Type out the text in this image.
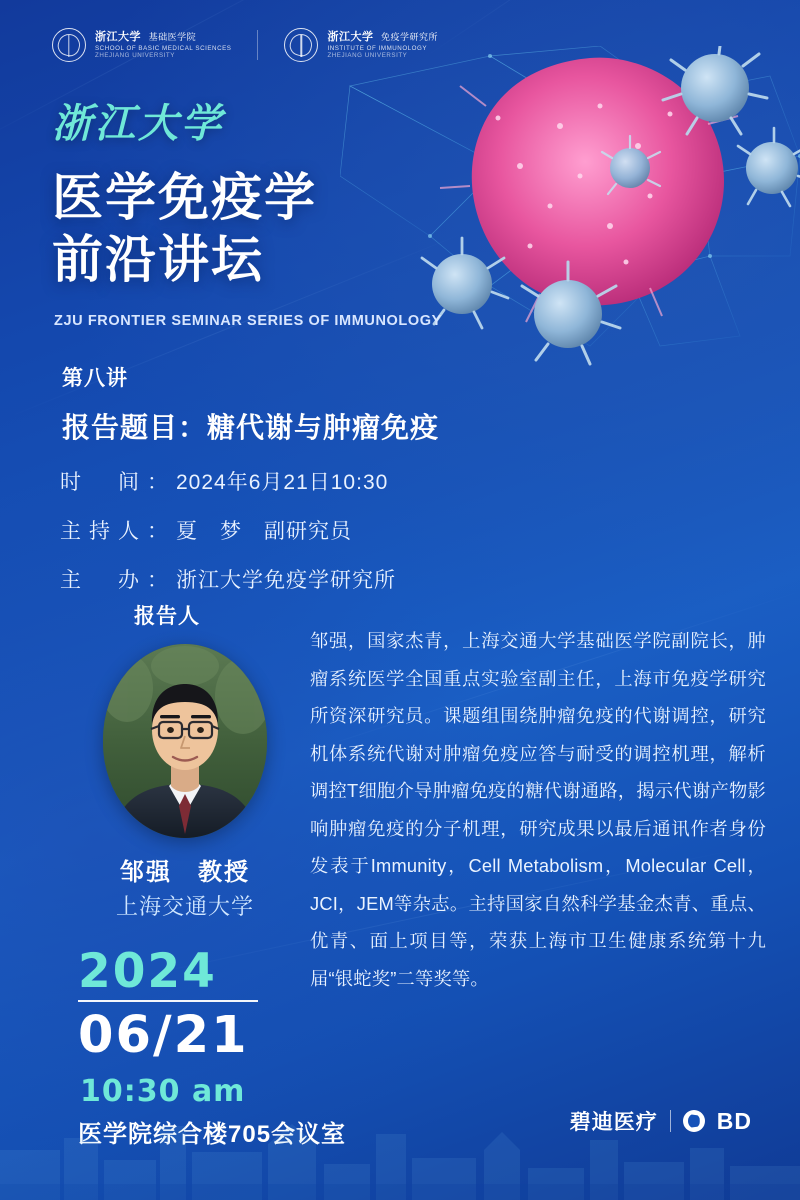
浙江大学 基础医学院
SCHOOL OF BASIC MEDICAL SCIENCES
ZHEJIANG UNIVERSITY
浙江大学 免疫学研究所
INSTITUTE OF IMMUNOLOGY
ZHEJIANG UNIVERSITY
浙江大学
医学免疫学
前沿讲坛
ZJU FRONTIER SEMINAR SERIES OF IMMUNOLOGY
第八讲
报告题目：糖代谢与肿瘤免疫
时　间：2024年6月21日10:30
主持人：夏　梦　副研究员
主　办：浙江大学免疫学研究所
报告人
邹强　教授
上海交通大学
邹强，国家杰青，上海交通大学基础医学院副院长，肿瘤系统医学全国重点实验室副主任，上海市免疫学研究所资深研究员。课题组围绕肿瘤免疫的代谢调控，研究机体系统代谢对肿瘤免疫应答与耐受的调控机理，解析调控T细胞介导肿瘤免疫的糖代谢通路，揭示代谢产物影响肿瘤免疫的分子机理，研究成果以最后通讯作者身份发表于Immunity，Cell Metabolism，Molecular Cell，JCI，JEM等杂志。主持国家自然科学基金杰青、重点、优青、面上项目等，荣获上海市卫生健康系统第十九届“银蛇奖”二等奖等。
2024
06/21
10:30 am
医学院综合楼705会议室	碧迪医疗	BD
